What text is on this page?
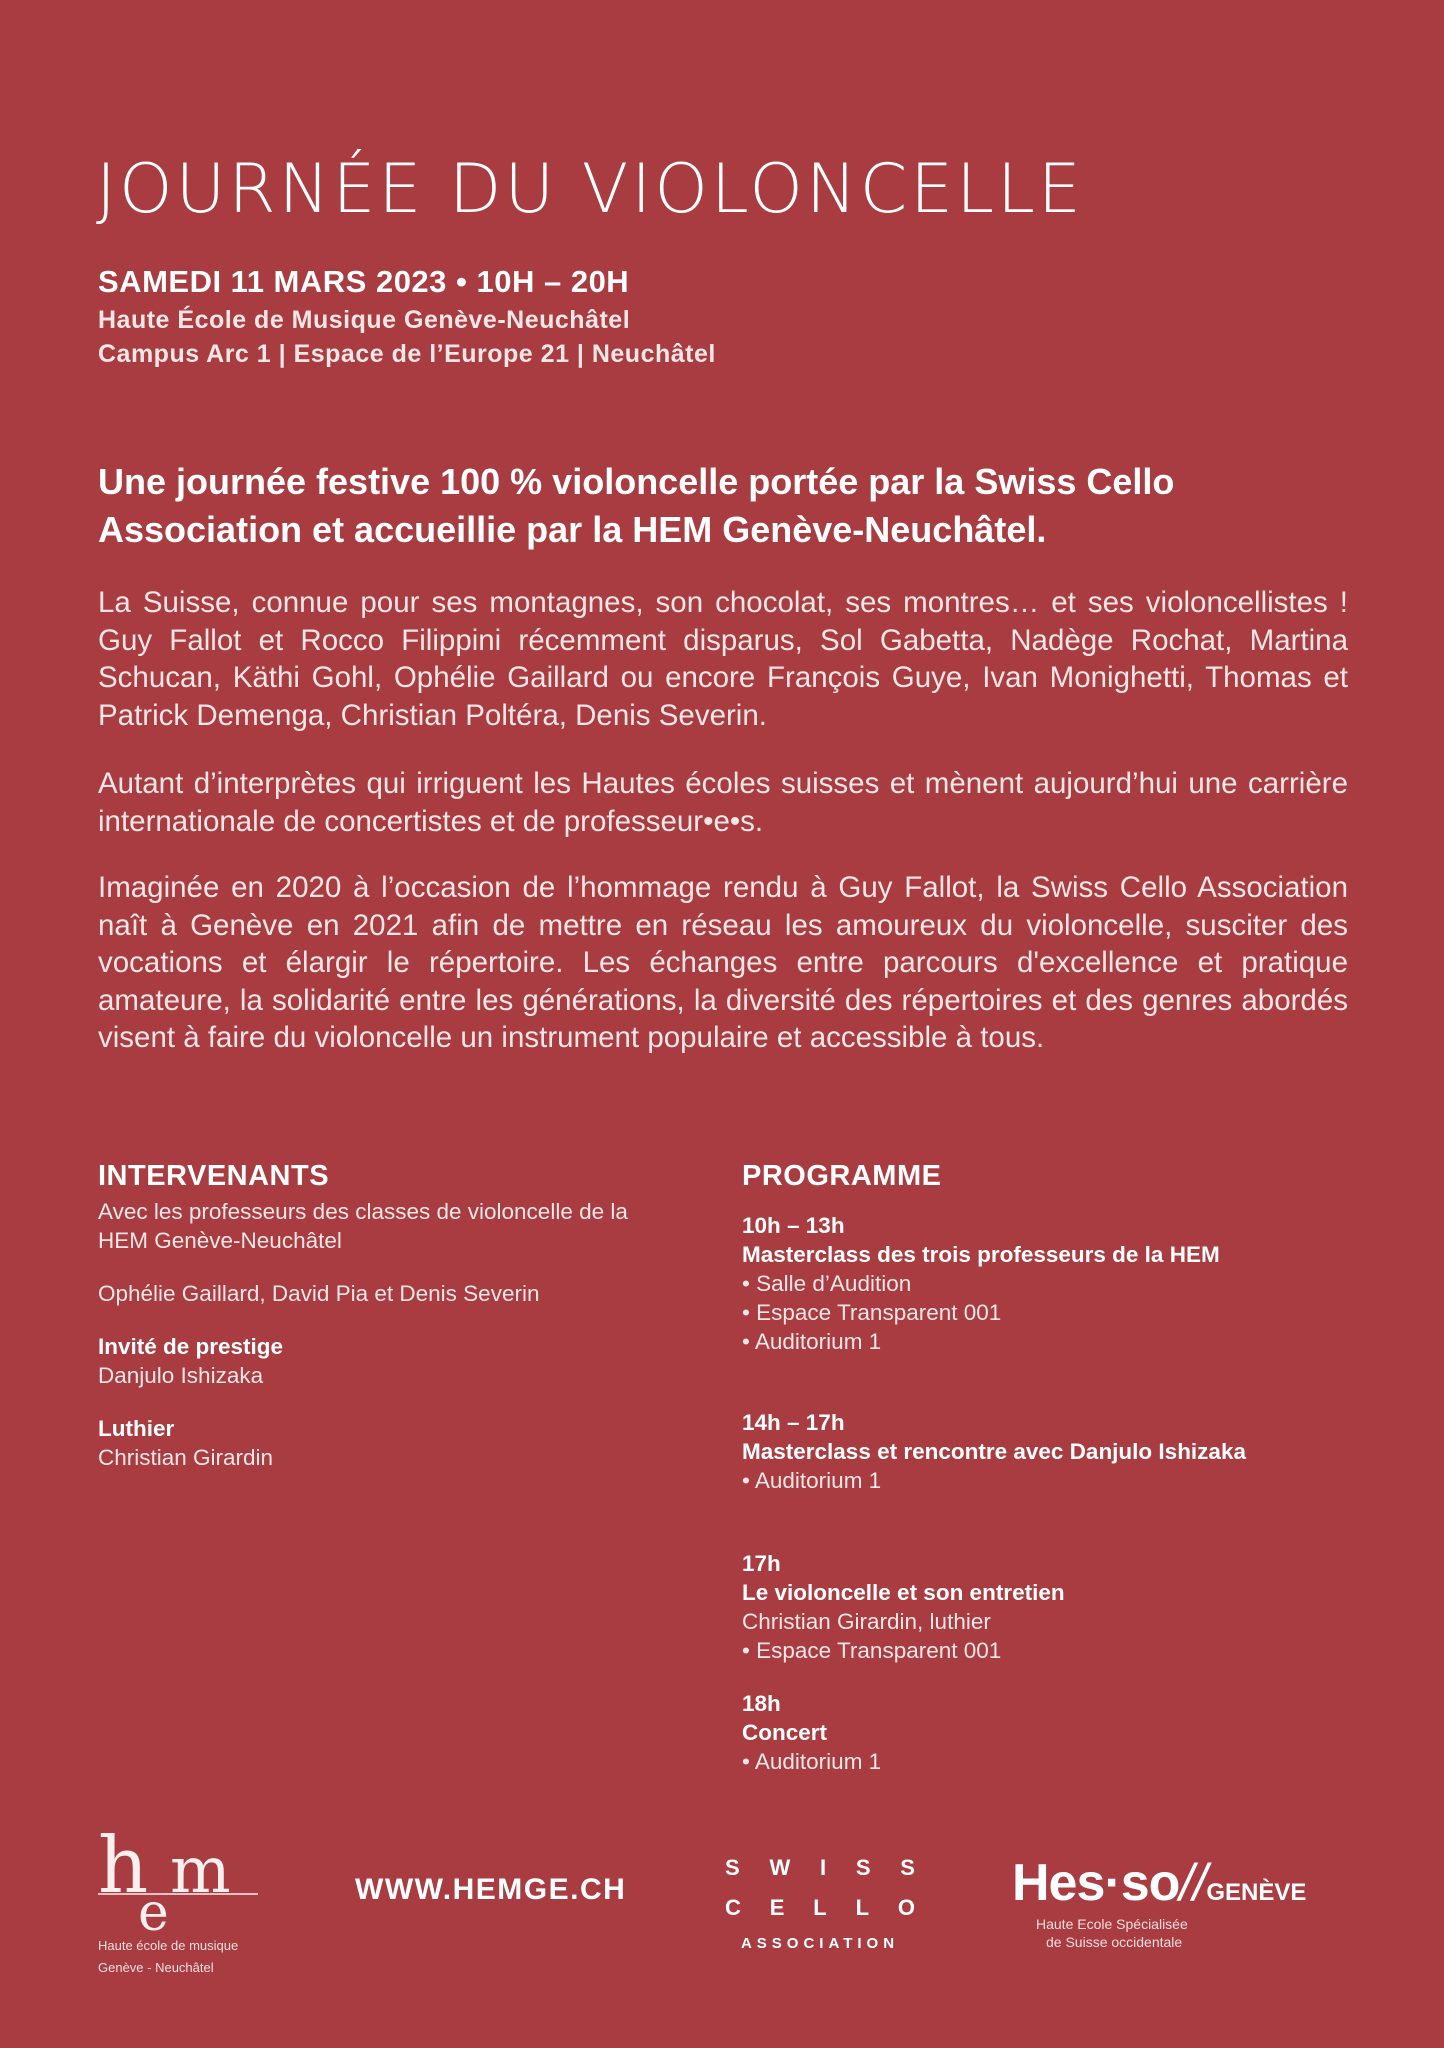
JOURNÉE DU VIOLONCELLE
SAMEDI 11 MARS 2023 • 10H – 20H
Haute École de Musique Genève-Neuchâtel
Campus Arc 1 | Espace de l’Europe 21 | Neuchâtel
Une journée festive 100 % violoncelle portée par la Swiss Cello Association et accueillie par la HEM Genève-Neuchâtel.
La Suisse, connue pour ses montagnes, son chocolat, ses montres… et ses violoncellistes ! Guy Fallot et Rocco Filippini récemment disparus, Sol Gabetta, Nadège Rochat, Martina Schucan, Käthi Gohl, Ophélie Gaillard ou encore François Guye, Ivan Monighetti, Thomas et Patrick Demenga, Christian Poltéra, Denis Severin.
Autant d’interprètes qui irriguent les Hautes écoles suisses et mènent aujourd’hui une carrière internationale de concertistes et de professeur•e•s.
Imaginée en 2020 à l’occasion de l’hommage rendu à Guy Fallot, la Swiss Cello Association naît à Genève en 2021 afin de mettre en réseau les amoureux du violoncelle, susciter des vocations et élargir le répertoire. Les échanges entre parcours d'excellence et pratique amateure, la solidarité entre les générations, la diversité des répertoires et des genres abordés visent à faire du violoncelle un instrument populaire et accessible à tous.
INTERVENANTS
Avec les professeurs des classes de violoncelle de la HEM Genève-Neuchâtel
Ophélie Gaillard, David Pia et Denis Severin
Invité de prestige
Danjulo Ishizaka
Luthier
Christian Girardin
PROGRAMME
10h – 13h
Masterclass des trois professeurs de la HEM
• Salle d’Audition
• Espace Transparent 001
• Auditorium 1
14h – 17h
Masterclass et rencontre avec Danjulo Ishizaka
• Auditorium 1
17h
Le violoncelle et son entretien
Christian Girardin, luthier
• Espace Transparent 001
18h
Concert
• Auditorium 1
h m
e
Haute école de musique
Genève - Neuchâtel
WWW.HEMGE.CH
S W I S S
C E L L O
ASSOCIATION
Hes·so//GENÈVE
Haute Ecole Spécialisée
de Suisse occidentale
